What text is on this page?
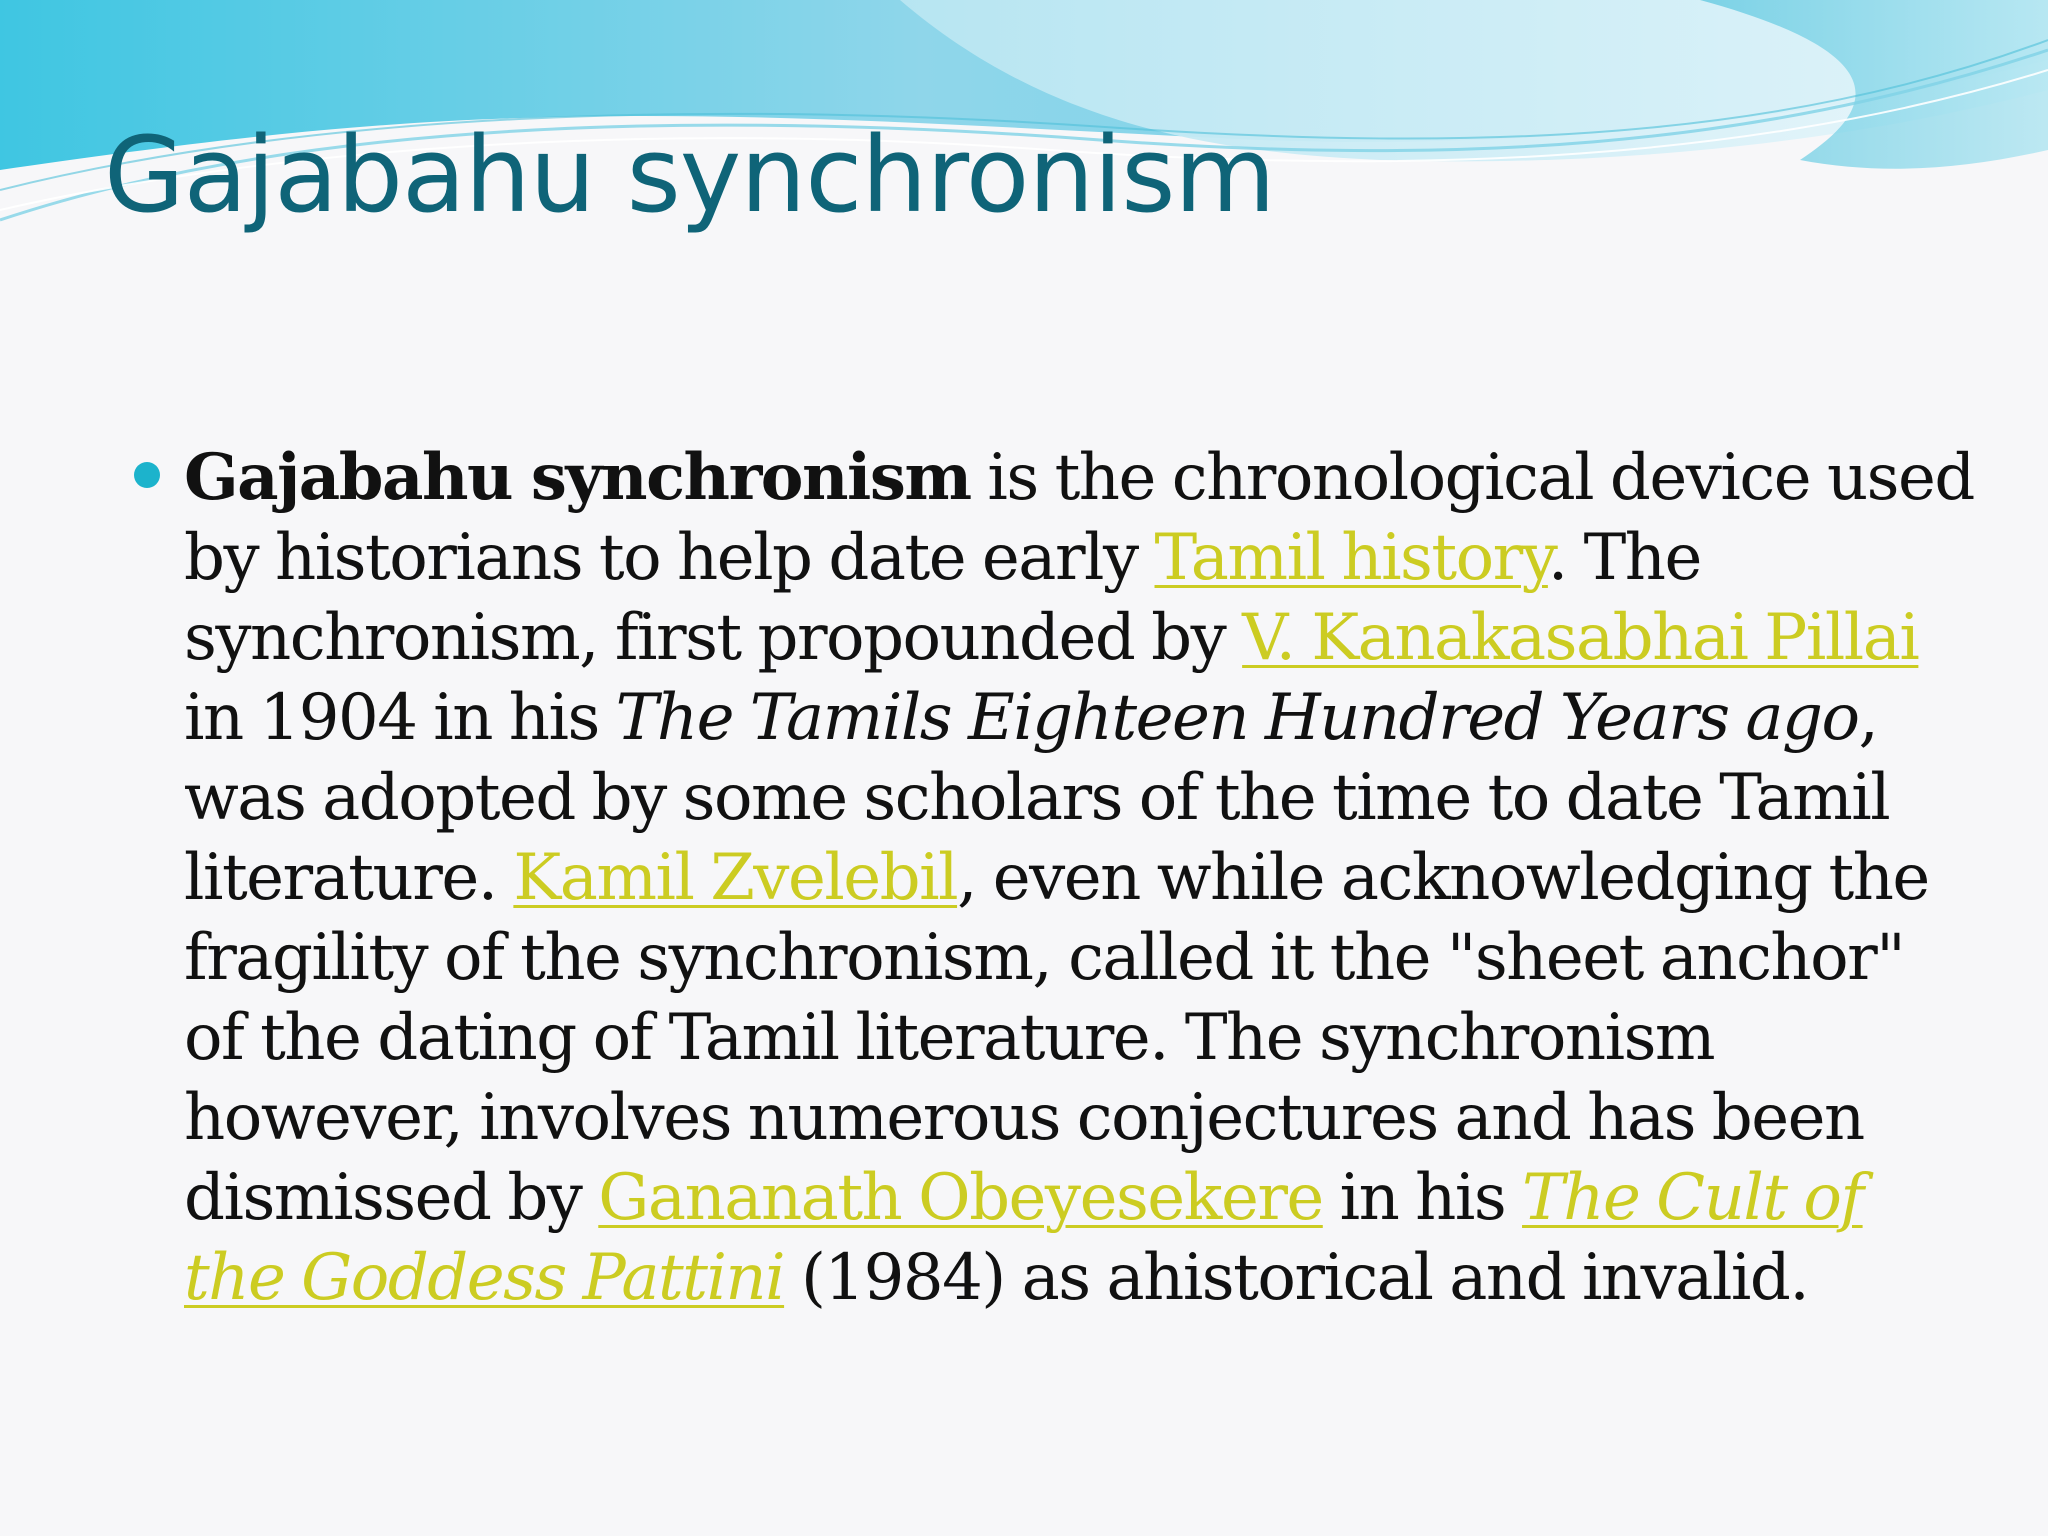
Gajabahu synchronism

Gajabahu synchronism is the chronological device used by historians to help date early Tamil history. The synchronism, first propounded by V. Kanakasabhai Pillai in 1904 in his The Tamils Eighteen Hundred Years ago, was adopted by some scholars of the time to date Tamil literature. Kamil Zvelebil, even while acknowledging the fragility of the synchronism, called it the "sheet anchor" of the dating of Tamil literature. The synchronism however, involves numerous conjectures and has been dismissed by Gananath Obeyesekere in his The Cult of the Goddess Pattini (1984) as ahistorical and invalid.
